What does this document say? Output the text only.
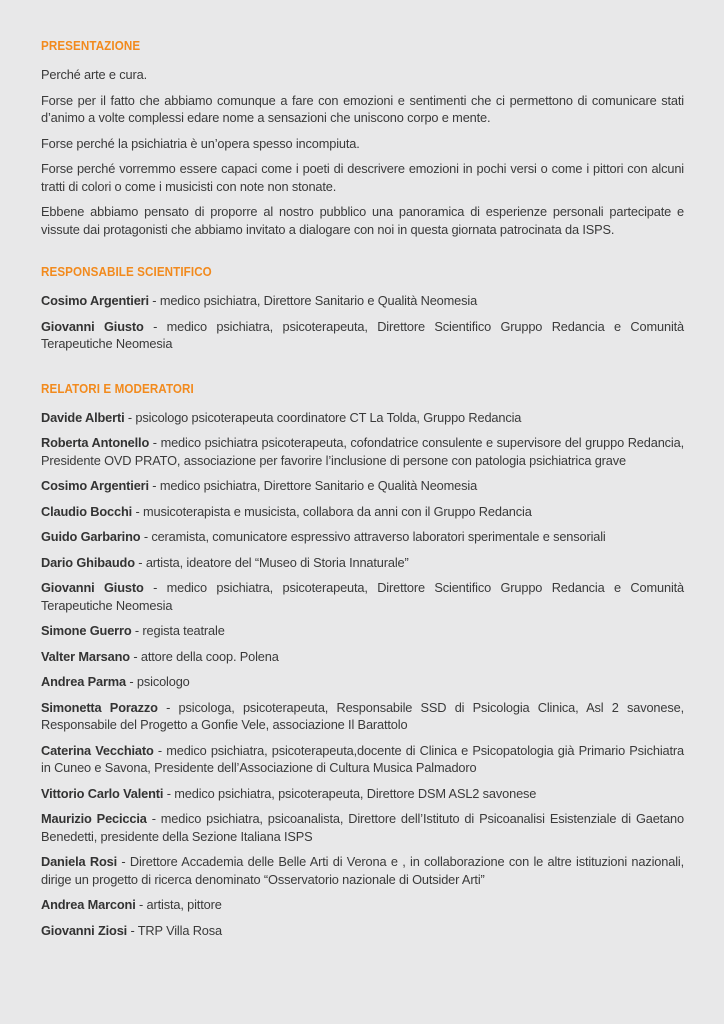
PRESENTAZIONE

Perché arte e cura.

Forse per il fatto che abbiamo comunque a fare con emozioni e sentimenti che ci permettono di comunicare stati d’animo a volte complessi edare nome a sensazioni che uniscono corpo e mente.

Forse perché la psichiatria è un’opera spesso incompiuta.

Forse perché vorremmo essere capaci come i poeti di descrivere emozioni in pochi versi o come i pittori con alcuni tratti di colori o come i musicisti con note non stonate.

Ebbene abbiamo pensato di proporre al nostro pubblico una panoramica di esperienze personali partecipate e vissute dai protagonisti che abbiamo invitato a dialogare con noi in questa giornata patrocinata da ISPS.

RESPONSABILE SCIENTIFICO

Cosimo Argentieri - medico psichiatra, Direttore Sanitario e Qualità Neomesia

Giovanni Giusto - medico psichiatra, psicoterapeuta, Direttore Scientifico Gruppo Redancia e Comunità Terapeutiche Neomesia

RELATORI E MODERATORI

Davide Alberti - psicologo psicoterapeuta coordinatore CT La Tolda, Gruppo Redancia

Roberta Antonello - medico psichiatra psicoterapeuta, cofondatrice consulente e supervisore del gruppo Redancia, Presidente OVD PRATO, associazione per favorire l’inclusione di persone con patologia psichiatrica grave

Cosimo Argentieri - medico psichiatra, Direttore Sanitario e Qualità Neomesia

Claudio Bocchi - musicoterapista e musicista, collabora da anni con il Gruppo Redancia

Guido Garbarino - ceramista, comunicatore espressivo attraverso laboratori sperimentale e sensoriali

Dario Ghibaudo - artista, ideatore del “Museo di Storia Innaturale”

Giovanni Giusto - medico psichiatra, psicoterapeuta, Direttore Scientifico Gruppo Redancia e Comunità Terapeutiche Neomesia

Simone Guerro - regista teatrale

Valter Marsano - attore della coop. Polena

Andrea Parma - psicologo

Simonetta Porazzo - psicologa, psicoterapeuta, Responsabile SSD di Psicologia Clinica, Asl 2 savonese, Responsabile del Progetto a Gonfie Vele, associazione Il Barattolo

Caterina Vecchiato - medico psichiatra, psicoterapeuta,docente di Clinica e Psicopatologia già Primario Psichiatra in Cuneo e Savona, Presidente dell’Associazione di Cultura Musica Palmadoro

Vittorio Carlo Valenti - medico psichiatra, psicoterapeuta, Direttore DSM ASL2 savonese

Maurizio Peciccia - medico psichiatra, psicoanalista, Direttore dell’Istituto di Psicoanalisi Esistenziale di Gaetano Benedetti, presidente della Sezione Italiana ISPS

Daniela Rosi - Direttore Accademia delle Belle Arti di Verona e , in collaborazione con le altre istituzioni nazionali, dirige un progetto di ricerca denominato “Osservatorio nazionale di Outsider Arti”

Andrea Marconi - artista, pittore

Giovanni Ziosi - TRP Villa Rosa
